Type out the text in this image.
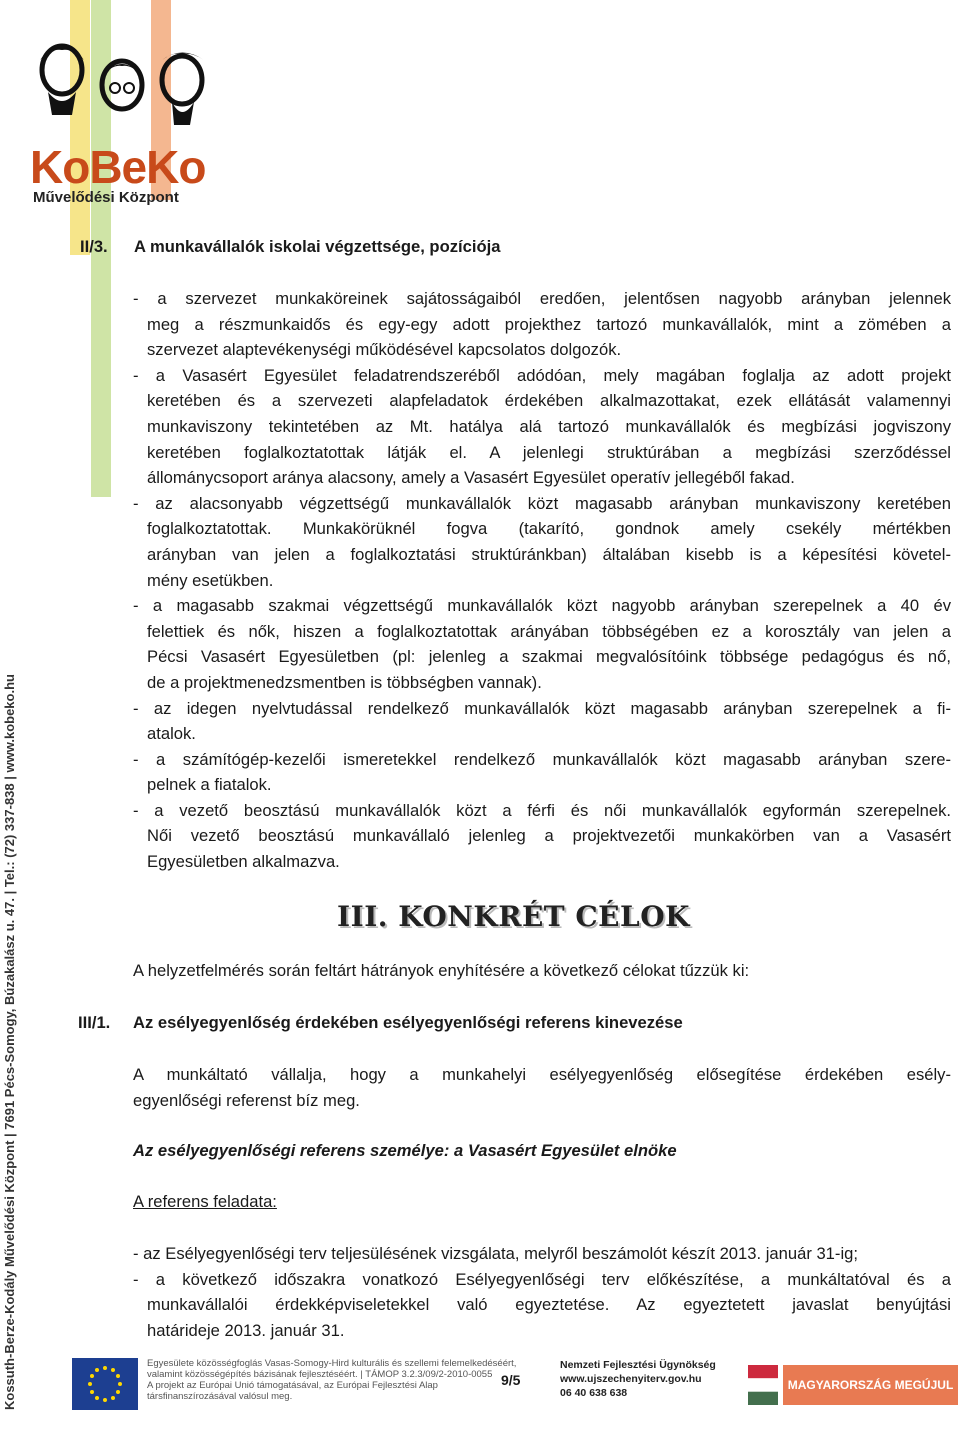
KoBeKo
Művelődési Központ
Kossuth-Berze-Kodály Művelődési Központ | 7691 Pécs-Somogy, Búzakalász u. 47. | Tel.: (72) 337-838 | www.kobeko.hu
II/3. A munkavállalók iskolai végzettsége, pozíciója
- a szervezet munkaköreinek sajátosságaiból eredően, jelentősen nagyobb arányban jelennek
meg a részmunkaidős és egy-egy adott projekthez tartozó munkavállalók, mint a zömében a
szervezet alaptevékenységi működésével kapcsolatos dolgozók.
- a Vasasért Egyesület feladatrendszeréből adódóan, mely magában foglalja az adott projekt
keretében és a szervezeti alapfeladatok érdekében alkalmazottakat, ezek ellátását valamennyi
munkaviszony tekintetében az Mt. hatálya alá tartozó munkavállalók és megbízási jogviszony
keretében foglalkoztatottak látják el. A jelenlegi struktúrában a megbízási szerződéssel
állománycsoport aránya alacsony, amely a Vasasért Egyesület operatív jellegéből fakad.
- az alacsonyabb végzettségű munkavállalók közt magasabb arányban munkaviszony keretében
foglalkoztatottak. Munkakörüknél fogva (takarító, gondnok amely csekély mértékben
arányban van jelen a foglalkoztatási struktúránkban) általában kisebb is a képesítési követel-
mény esetükben.
- a magasabb szakmai végzettségű munkavállalók közt nagyobb arányban szerepelnek a 40 év
felettiek és nők, hiszen a foglalkoztatottak arányában többségében ez a korosztály van jelen a
Pécsi Vasasért Egyesületben (pl: jelenleg a szakmai megvalósítóink többsége pedagógus és nő,
de a projektmenedzsmentben is többségben vannak).
- az idegen nyelvtudással rendelkező munkavállalók közt magasabb arányban szerepelnek a fi-
atalok.
- a számítógép-kezelői ismeretekkel rendelkező munkavállalók közt magasabb arányban szere-
pelnek a fiatalok.
- a vezető beosztású munkavállalók közt a férfi és női munkavállalók egyformán szerepelnek.
Női vezető beosztású munkavállaló jelenleg a projektvezetői munkakörben van a Vasasért
Egyesületben alkalmazva.
III. KONKRÉT CÉLOK
A helyzetfelmérés során feltárt hátrányok enyhítésére a következő célokat tűzzük ki:
III/1. Az esélyegyenlőség érdekében esélyegyenlőségi referens kinevezése
A munkáltató vállalja, hogy a munkahelyi esélyegyenlőség elősegítése érdekében esély-
egyenlőségi referenst bíz meg.
Az esélyegyenlőségi referens személye: a Vasasért Egyesület elnöke
A referens feladata:
- az Esélyegyenlőségi terv teljesülésének vizsgálata, melyről beszámolót készít 2013. január 31-ig;
- a következő időszakra vonatkozó Esélyegyenlőségi terv előkészítése, a munkáltatóval és a
munkavállalói érdekképviseletekkel való egyeztetése. Az egyeztetett javaslat benyújtási
határideje 2013. január 31.
Egyesülete közösségfoglás Vasas-Somogy-Hird kulturális és szellemi felemelkedéséért,
valamint közösségépítés bázisának fejlesztéséért. | TÁMOP 3.2.3/09/2-2010-0055
A projekt az Európai Unió támogatásával, az Európai Fejlesztési Alap
társfinanszírozásával valósul meg.
9/5
Nemzeti Fejlesztési Ügynökség
www.ujszechenyiterv.gov.hu
06 40 638 638
MAGYARORSZÁG MEGÚJUL
